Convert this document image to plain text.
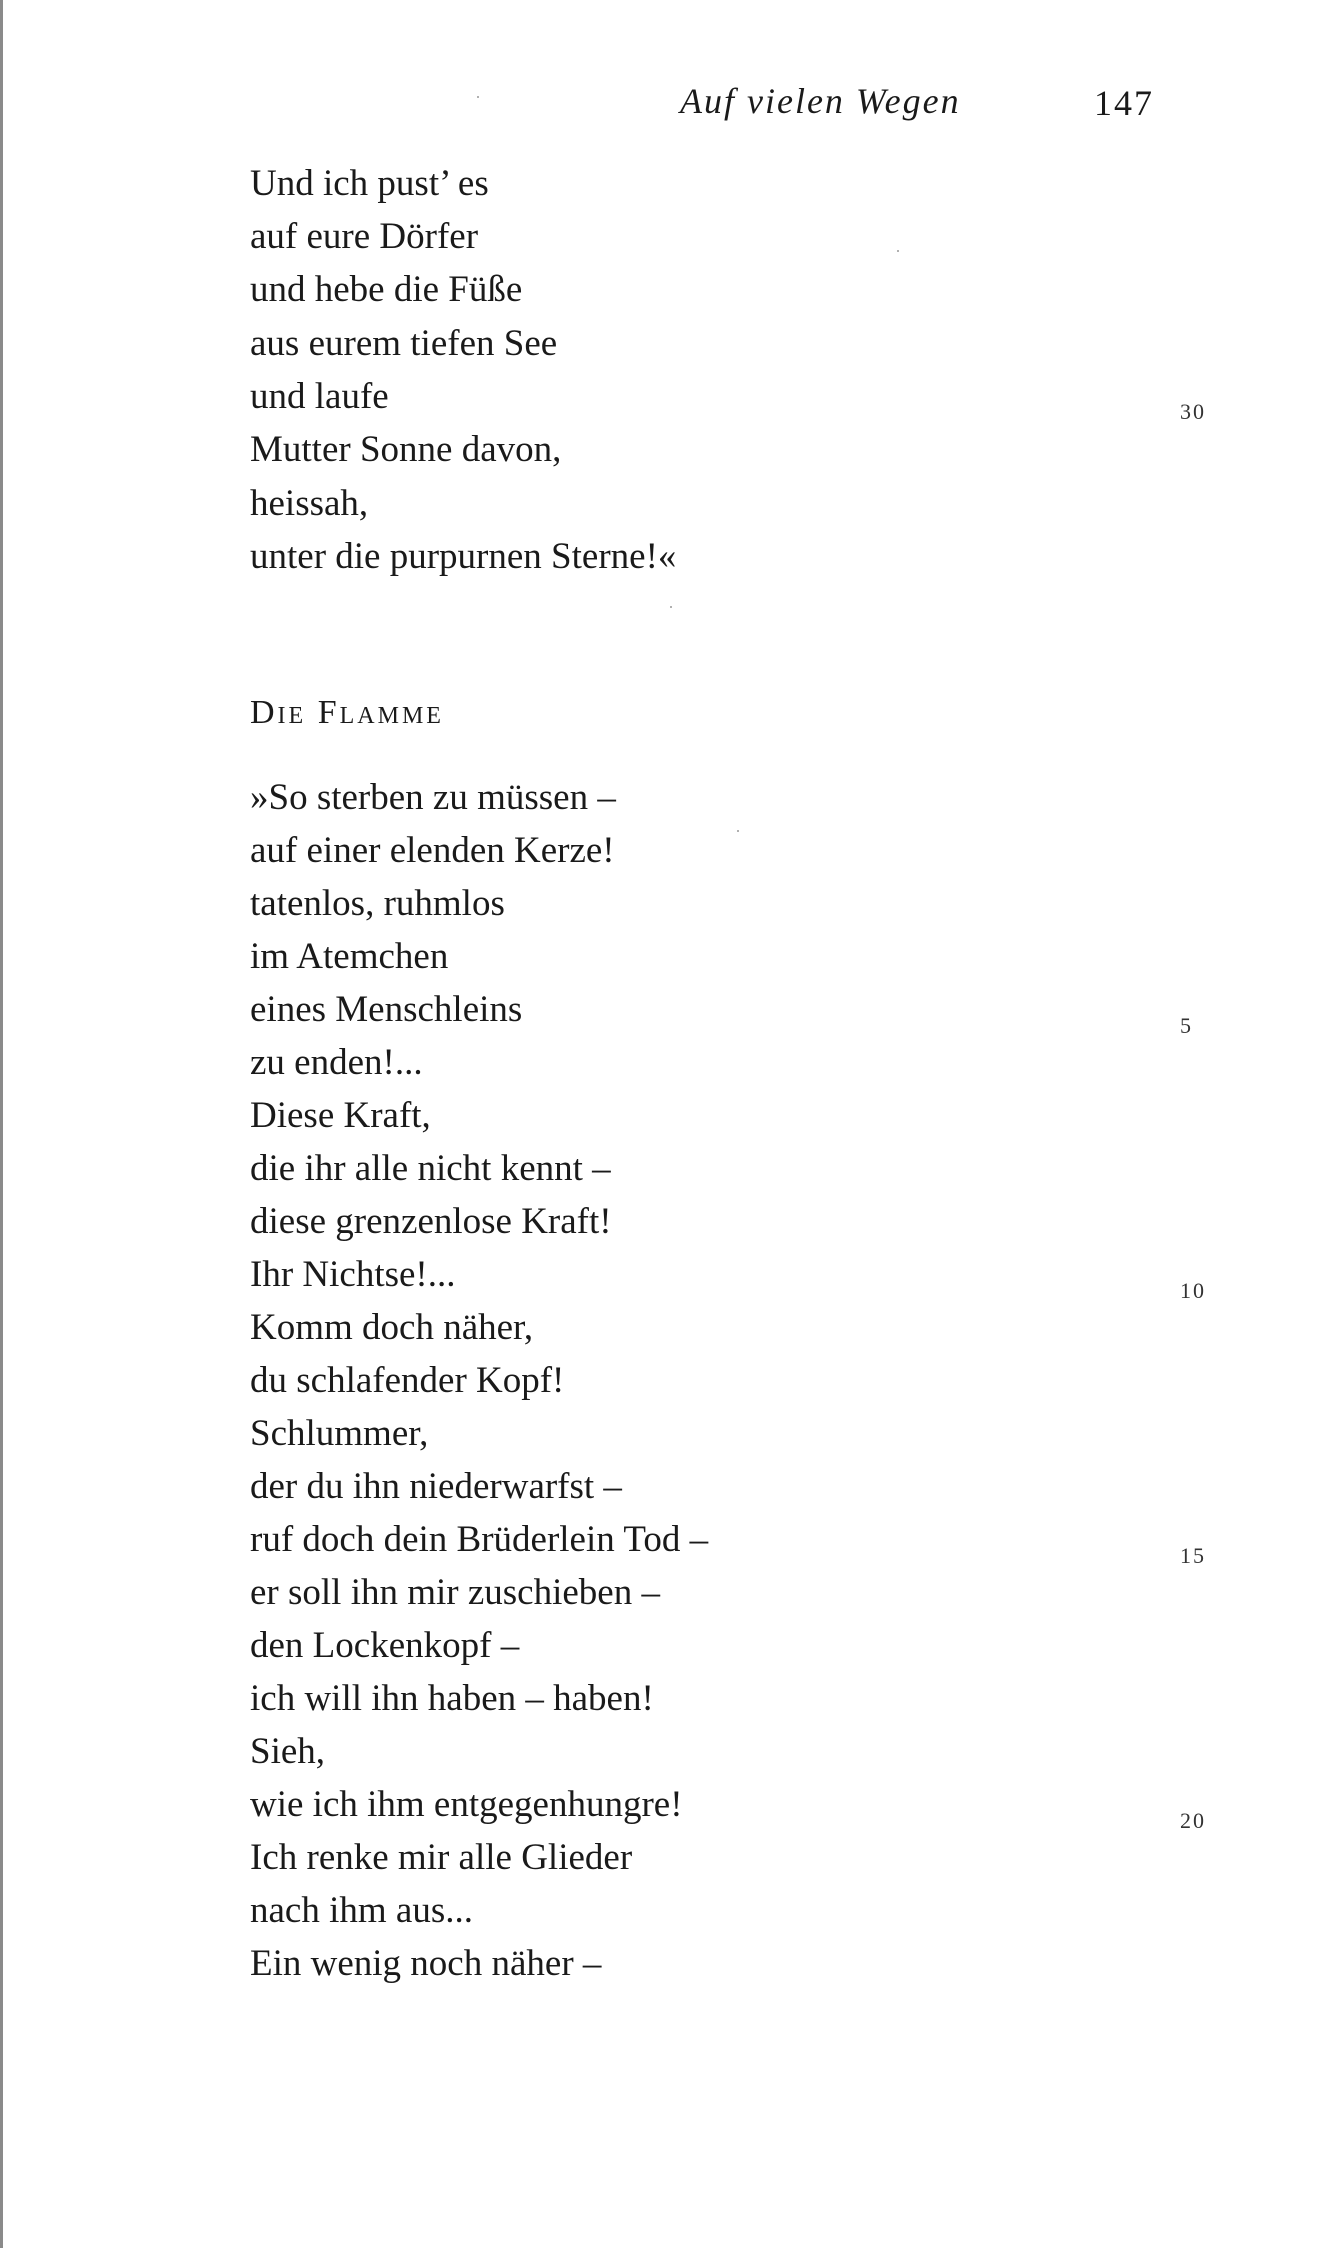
Auf vielen Wegen	147
Und ich pust’ es
auf eure Dörfer
und hebe die Füße
aus eurem tiefen See
und laufe
Mutter Sonne davon,
heissah,
unter die purpurnen Sterne!«
30
Die Flamme
»So sterben zu müssen –
auf einer elenden Kerze!
tatenlos, ruhmlos
im Atemchen
eines Menschleins
zu enden!...
Diese Kraft,
die ihr alle nicht kennt –
diese grenzenlose Kraft!
Ihr Nichtse!...
Komm doch näher,
du schlafender Kopf!
Schlummer,
der du ihn niederwarfst –
ruf doch dein Brüderlein Tod –
er soll ihn mir zuschieben –
den Lockenkopf –
ich will ihn haben – haben!
Sieh,
wie ich ihm entgegenhungre!
Ich renke mir alle Glieder
nach ihm aus...
Ein wenig noch näher –
5
10
15
20
